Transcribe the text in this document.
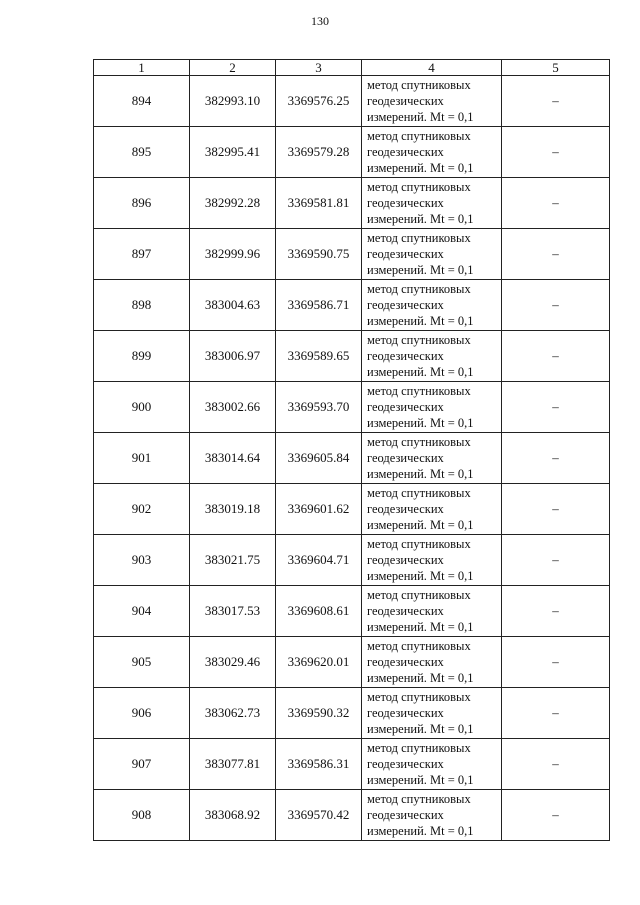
130
1	2	3	4	5
894	382993.10	3369576.25	метод спутниковых
геодезических
измерений. Mt = 0,1	–
895	382995.41	3369579.28	метод спутниковых
геодезических
измерений. Mt = 0,1	–
896	382992.28	3369581.81	метод спутниковых
геодезических
измерений. Mt = 0,1	–
897	382999.96	3369590.75	метод спутниковых
геодезических
измерений. Mt = 0,1	–
898	383004.63	3369586.71	метод спутниковых
геодезических
измерений. Mt = 0,1	–
899	383006.97	3369589.65	метод спутниковых
геодезических
измерений. Mt = 0,1	–
900	383002.66	3369593.70	метод спутниковых
геодезических
измерений. Mt = 0,1	–
901	383014.64	3369605.84	метод спутниковых
геодезических
измерений. Mt = 0,1	–
902	383019.18	3369601.62	метод спутниковых
геодезических
измерений. Mt = 0,1	–
903	383021.75	3369604.71	метод спутниковых
геодезических
измерений. Mt = 0,1	–
904	383017.53	3369608.61	метод спутниковых
геодезических
измерений. Mt = 0,1	–
905	383029.46	3369620.01	метод спутниковых
геодезических
измерений. Mt = 0,1	–
906	383062.73	3369590.32	метод спутниковых
геодезических
измерений. Mt = 0,1	–
907	383077.81	3369586.31	метод спутниковых
геодезических
измерений. Mt = 0,1	–
908	383068.92	3369570.42	метод спутниковых
геодезических
измерений. Mt = 0,1	–
